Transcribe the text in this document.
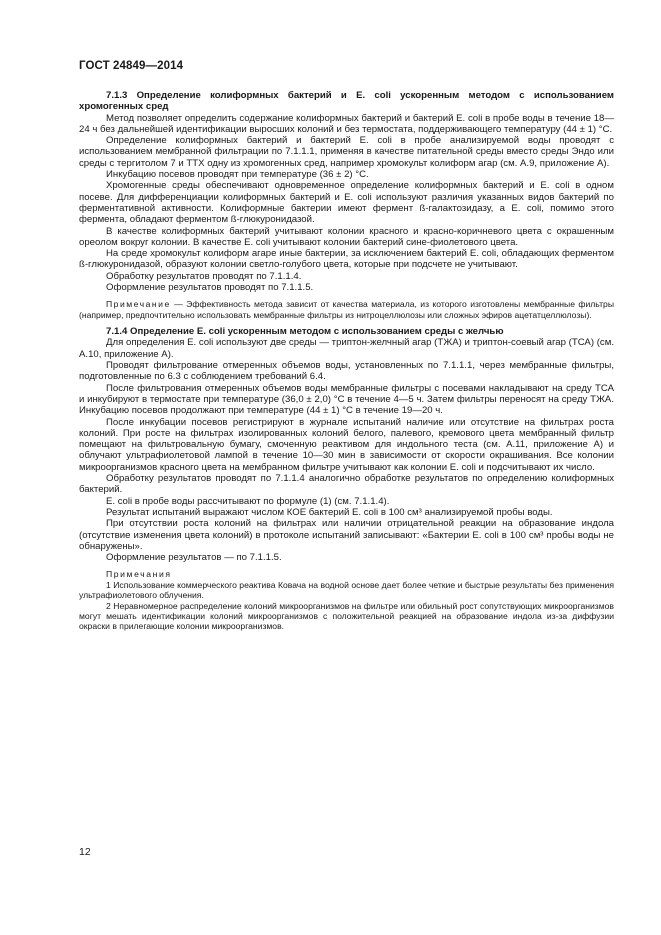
ГОСТ 24849—2014

7.1.3 Определение колиформных бактерий и E. coli ускоренным методом с использованием хромогенных сред

Метод позволяет определить содержание колиформных бактерий и бактерий E. coli в пробе воды в течение 18—24 ч без дальнейшей идентификации выросших колоний и без термостата, поддерживающего температуру (44 ± 1) °С.

Определение колиформных бактерий и бактерий E. coli в пробе анализируемой воды проводят с использованием мембранной фильтрации по 7.1.1.1, применяя в качестве питательной среды вместо среды Эндо или среды с тергитолом 7 и ТТХ одну из хромогенных сред, например хромокульт колиформ агар (см. А.9, приложение А).

Инкубацию посевов проводят при температуре (36 ± 2) °С.

Хромогенные среды обеспечивают одновременное определение колиформных бактерий и E. coli в одном посеве. Для дифференциации колиформных бактерий и E. coli используют различия указанных видов бактерий по ферментативной активности. Колиформные бактерии имеют фермент ß-галактозидазу, а E. coli, помимо этого фермента, обладают ферментом ß-глюкуронидазой.

В качестве колиформных бактерий учитывают колонии красного и красно-коричневого цвета с окрашенным ореолом вокруг колонии. В качестве E. coli учитывают колонии бактерий сине-фиолетового цвета.

На среде хромокульт колиформ агаре иные бактерии, за исключением бактерий E. coli, обладающих ферментом ß-глюкуронидазой, образуют колонии светло-голубого цвета, которые при подсчете не учитывают.

Обработку результатов проводят по 7.1.1.4.

Оформление результатов проводят по 7.1.1.5.

Примечание — Эффективность метода зависит от качества материала, из которого изготовлены мембранные фильтры (например, предпочтительно использовать мембранные фильтры из нитроцеллюлозы или сложных эфиров ацетатцеллюлозы).

7.1.4 Определение E. coli ускоренным методом с использованием среды с желчью

Для определения E. coli используют две среды — триптон-желчный агар (ТЖА) и триптон-соевый агар (ТСА) (см. А.10, приложение А).

Проводят фильтрование отмеренных объемов воды, установленных по 7.1.1.1, через мембранные фильтры, подготовленные по 6.3 с соблюдением требований 6.4.

После фильтрования отмеренных объемов воды мембранные фильтры с посевами накладывают на среду ТСА и инкубируют в термостате при температуре (36,0 ± 2,0) °С в течение 4—5 ч. Затем фильтры переносят на среду ТЖА. Инкубацию посевов продолжают при температуре (44 ± 1) °С в течение 19—20 ч.

После инкубации посевов регистрируют в журнале испытаний наличие или отсутствие на фильтрах роста колоний. При росте на фильтрах изолированных колоний белого, палевого, кремового цвета мембранный фильтр помещают на фильтровальную бумагу, смоченную реактивом для индольного теста (см. А.11, приложение А) и облучают ультрафиолетовой лампой в течение 10—30 мин в зависимости от скорости окрашивания. Все колонии микроорганизмов красного цвета на мембранном фильтре учитывают как колонии E. coli и подсчитывают их число.

Обработку результатов проводят по 7.1.1.4 аналогично обработке результатов по определению колиформных бактерий.

E. coli в пробе воды рассчитывают по формуле (1) (см. 7.1.1.4).

Результат испытаний выражают числом КОЕ бактерий E. coli в 100 см³ анализируемой пробы воды.

При отсутствии роста колоний на фильтрах или наличии отрицательной реакции на образование индола (отсутствие изменения цвета колоний) в протоколе испытаний записывают: «Бактерии E. coli в 100 см³ пробы воды не обнаружены».

Оформление результатов — по 7.1.1.5.

Примечания

1 Использование коммерческого реактива Ковача на водной основе дает более четкие и быстрые результаты без применения ультрафиолетового облучения.

2 Неравномерное распределение колоний микроорганизмов на фильтре или обильный рост сопутствующих микроорганизмов могут мешать идентификации колоний микроорганизмов с положительной реакцией на образование индола из-за диффузии окраски в прилегающие колонии микроорганизмов.

12
